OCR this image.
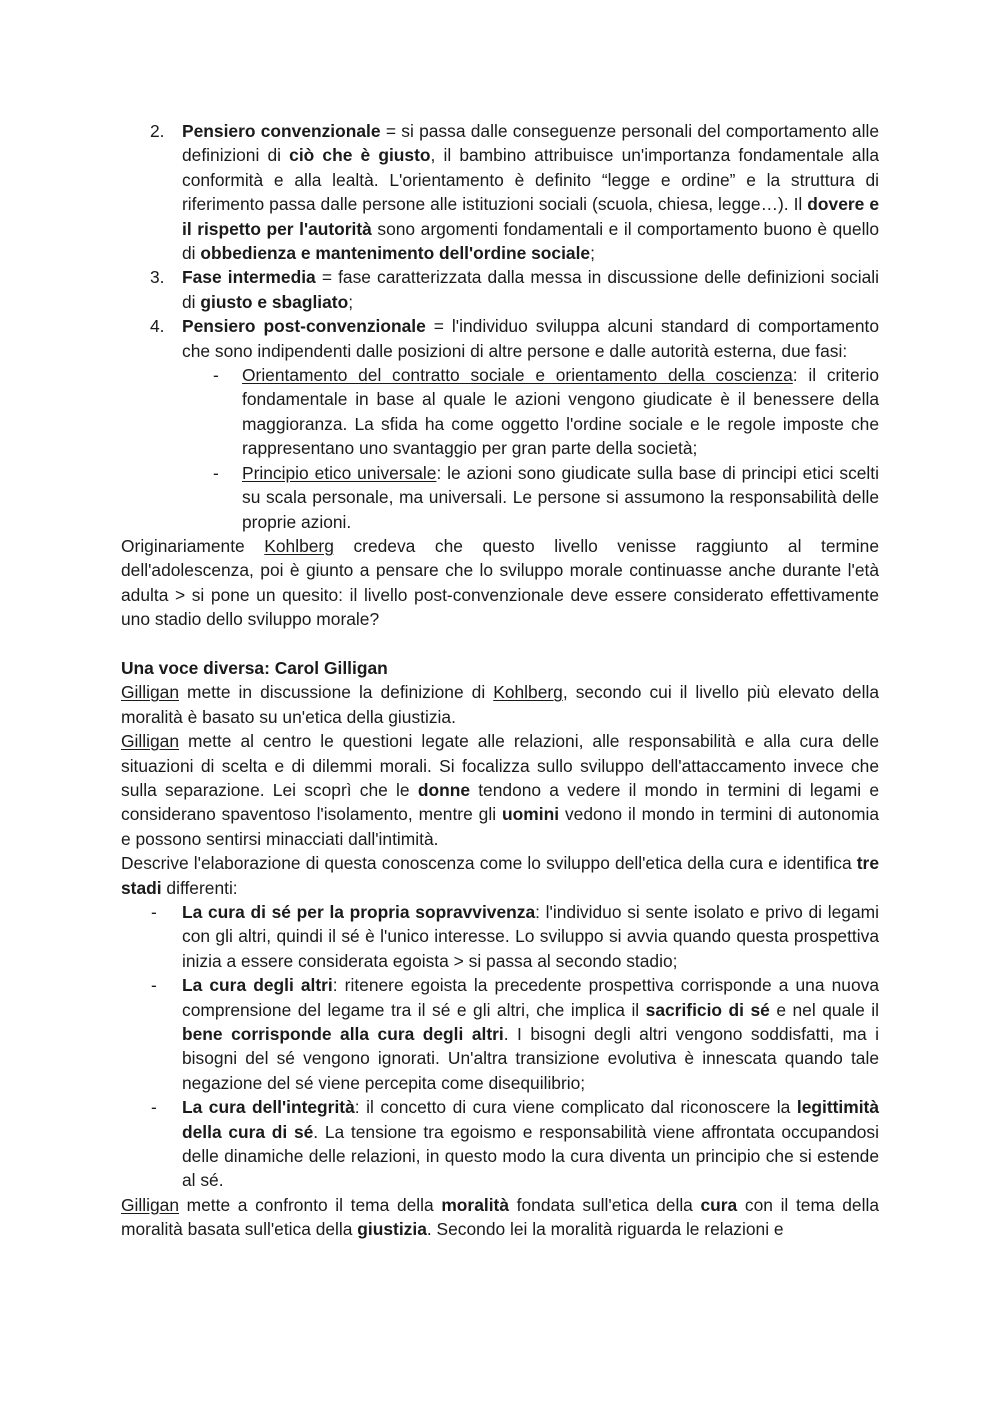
2. Pensiero convenzionale = si passa dalle conseguenze personali del comportamento alle definizioni di ciò che è giusto, il bambino attribuisce un'importanza fondamentale alla conformità e alla lealtà. L'orientamento è definito “legge e ordine” e la struttura di riferimento passa dalle persone alle istituzioni sociali (scuola, chiesa, legge…). Il dovere e il rispetto per l'autorità sono argomenti fondamentali e il comportamento buono è quello di obbedienza e mantenimento dell'ordine sociale;

3. Fase intermedia = fase caratterizzata dalla messa in discussione delle definizioni sociali di giusto e sbagliato;

4. Pensiero post-convenzionale = l'individuo sviluppa alcuni standard di comportamento che sono indipendenti dalle posizioni di altre persone e dalle autorità esterna, due fasi:

- Orientamento del contratto sociale e orientamento della coscienza: il criterio fondamentale in base al quale le azioni vengono giudicate è il benessere della maggioranza. La sfida ha come oggetto l'ordine sociale e le regole imposte che rappresentano uno svantaggio per gran parte della società;

- Principio etico universale: le azioni sono giudicate sulla base di principi etici scelti su scala personale, ma universali. Le persone si assumono la responsabilità delle proprie azioni.

Originariamente Kohlberg credeva che questo livello venisse raggiunto al termine dell'adolescenza, poi è giunto a pensare che lo sviluppo morale continuasse anche durante l'età adulta > si pone un quesito: il livello post-convenzionale deve essere considerato effettivamente uno stadio dello sviluppo morale?

Una voce diversa: Carol Gilligan

Gilligan mette in discussione la definizione di Kohlberg, secondo cui il livello più elevato della moralità è basato su un'etica della giustizia.

Gilligan mette al centro le questioni legate alle relazioni, alle responsabilità e alla cura delle situazioni di scelta e di dilemmi morali. Si focalizza sullo sviluppo dell'attaccamento invece che sulla separazione. Lei scoprì che le donne tendono a vedere il mondo in termini di legami e considerano spaventoso l'isolamento, mentre gli uomini vedono il mondo in termini di autonomia e possono sentirsi minacciati dall'intimità.

Descrive l'elaborazione di questa conoscenza come lo sviluppo dell'etica della cura e identifica tre stadi differenti:

- La cura di sé per la propria sopravvivenza: l'individuo si sente isolato e privo di legami con gli altri, quindi il sé è l'unico interesse. Lo sviluppo si avvia quando questa prospettiva inizia a essere considerata egoista > si passa al secondo stadio;

- La cura degli altri: ritenere egoista la precedente prospettiva corrisponde a una nuova comprensione del legame tra il sé e gli altri, che implica il sacrificio di sé e nel quale il bene corrisponde alla cura degli altri. I bisogni degli altri vengono soddisfatti, ma i bisogni del sé vengono ignorati. Un'altra transizione evolutiva è innescata quando tale negazione del sé viene percepita come disequilibrio;

- La cura dell'integrità: il concetto di cura viene complicato dal riconoscere la legittimità della cura di sé. La tensione tra egoismo e responsabilità viene affrontata occupandosi delle dinamiche delle relazioni, in questo modo la cura diventa un principio che si estende al sé.

Gilligan mette a confronto il tema della moralità fondata sull'etica della cura con il tema della moralità basata sull'etica della giustizia. Secondo lei la moralità riguarda le relazioni e
